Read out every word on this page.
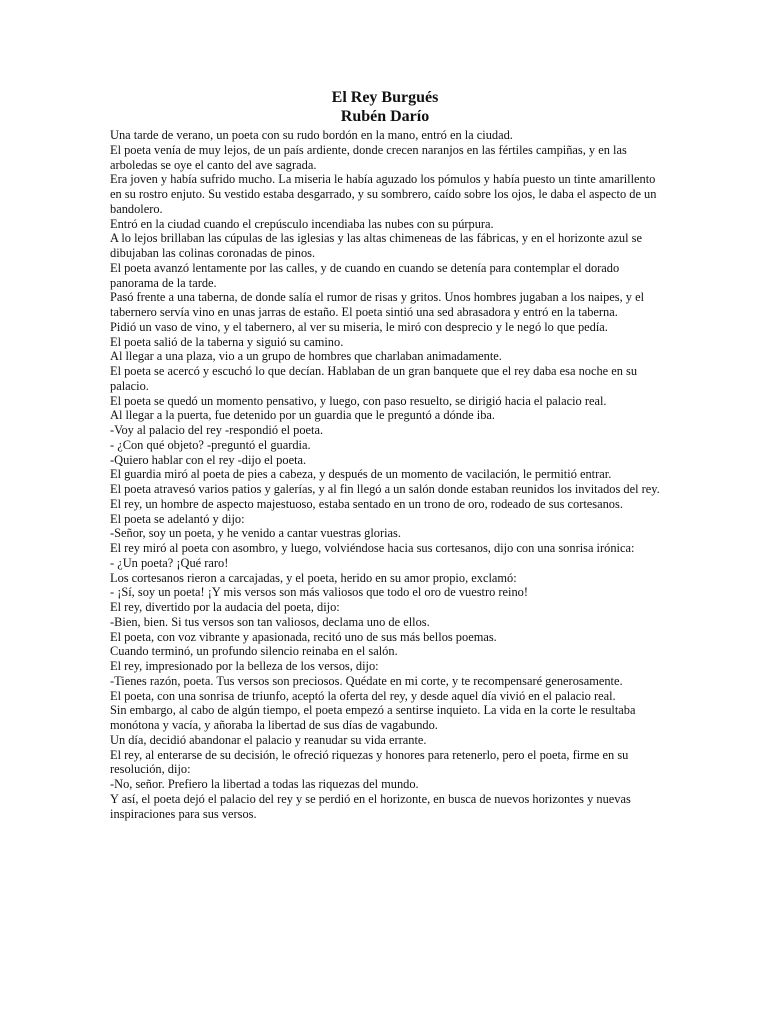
El Rey Burgués
Rubén Darío

Una tarde de verano, un poeta con su rudo bordón en la mano, entró en la ciudad.

El poeta venía de muy lejos, de un país ardiente, donde crecen naranjos en las fértiles campiñas, y en las arboledas se oye el canto del ave sagrada.

Era joven y había sufrido mucho. La miseria le había aguzado los pómulos y había puesto un tinte amarillento en su rostro enjuto. Su vestido estaba desgarrado, y su sombrero, caído sobre los ojos, le daba el aspecto de un bandolero.

Entró en la ciudad cuando el crepúsculo incendiaba las nubes con su púrpura.

A lo lejos brillaban las cúpulas de las iglesias y las altas chimeneas de las fábricas, y en el horizonte azul se dibujaban las colinas coronadas de pinos.

El poeta avanzó lentamente por las calles, y de cuando en cuando se detenía para contemplar el dorado panorama de la tarde.

Pasó frente a una taberna, de donde salía el rumor de risas y gritos. Unos hombres jugaban a los naipes, y el tabernero servía vino en unas jarras de estaño. El poeta sintió una sed abrasadora y entró en la taberna.

Pidió un vaso de vino, y el tabernero, al ver su miseria, le miró con desprecio y le negó lo que pedía.

El poeta salió de la taberna y siguió su camino.

Al llegar a una plaza, vio a un grupo de hombres que charlaban animadamente.

El poeta se acercó y escuchó lo que decían. Hablaban de un gran banquete que el rey daba esa noche en su palacio.

El poeta se quedó un momento pensativo, y luego, con paso resuelto, se dirigió hacia el palacio real.

Al llegar a la puerta, fue detenido por un guardia que le preguntó a dónde iba.

-Voy al palacio del rey -respondió el poeta.

- ¿Con qué objeto? -preguntó el guardia.

-Quiero hablar con el rey -dijo el poeta.

El guardia miró al poeta de pies a cabeza, y después de un momento de vacilación, le permitió entrar.

El poeta atravesó varios patios y galerías, y al fin llegó a un salón donde estaban reunidos los invitados del rey.

El rey, un hombre de aspecto majestuoso, estaba sentado en un trono de oro, rodeado de sus cortesanos.

El poeta se adelantó y dijo:

-Señor, soy un poeta, y he venido a cantar vuestras glorias.

El rey miró al poeta con asombro, y luego, volviéndose hacia sus cortesanos, dijo con una sonrisa irónica:

- ¿Un poeta? ¡Qué raro!

Los cortesanos rieron a carcajadas, y el poeta, herido en su amor propio, exclamó:

- ¡Sí, soy un poeta! ¡Y mis versos son más valiosos que todo el oro de vuestro reino!

El rey, divertido por la audacia del poeta, dijo:

-Bien, bien. Si tus versos son tan valiosos, declama uno de ellos.

El poeta, con voz vibrante y apasionada, recitó uno de sus más bellos poemas.

Cuando terminó, un profundo silencio reinaba en el salón.

El rey, impresionado por la belleza de los versos, dijo:

-Tienes razón, poeta. Tus versos son preciosos. Quédate en mi corte, y te recompensaré generosamente.

El poeta, con una sonrisa de triunfo, aceptó la oferta del rey, y desde aquel día vivió en el palacio real.

Sin embargo, al cabo de algún tiempo, el poeta empezó a sentirse inquieto. La vida en la corte le resultaba monótona y vacía, y añoraba la libertad de sus días de vagabundo.

Un día, decidió abandonar el palacio y reanudar su vida errante.

El rey, al enterarse de su decisión, le ofreció riquezas y honores para retenerlo, pero el poeta, firme en su resolución, dijo:

-No, señor. Prefiero la libertad a todas las riquezas del mundo.

Y así, el poeta dejó el palacio del rey y se perdió en el horizonte, en busca de nuevos horizontes y nuevas inspiraciones para sus versos.
